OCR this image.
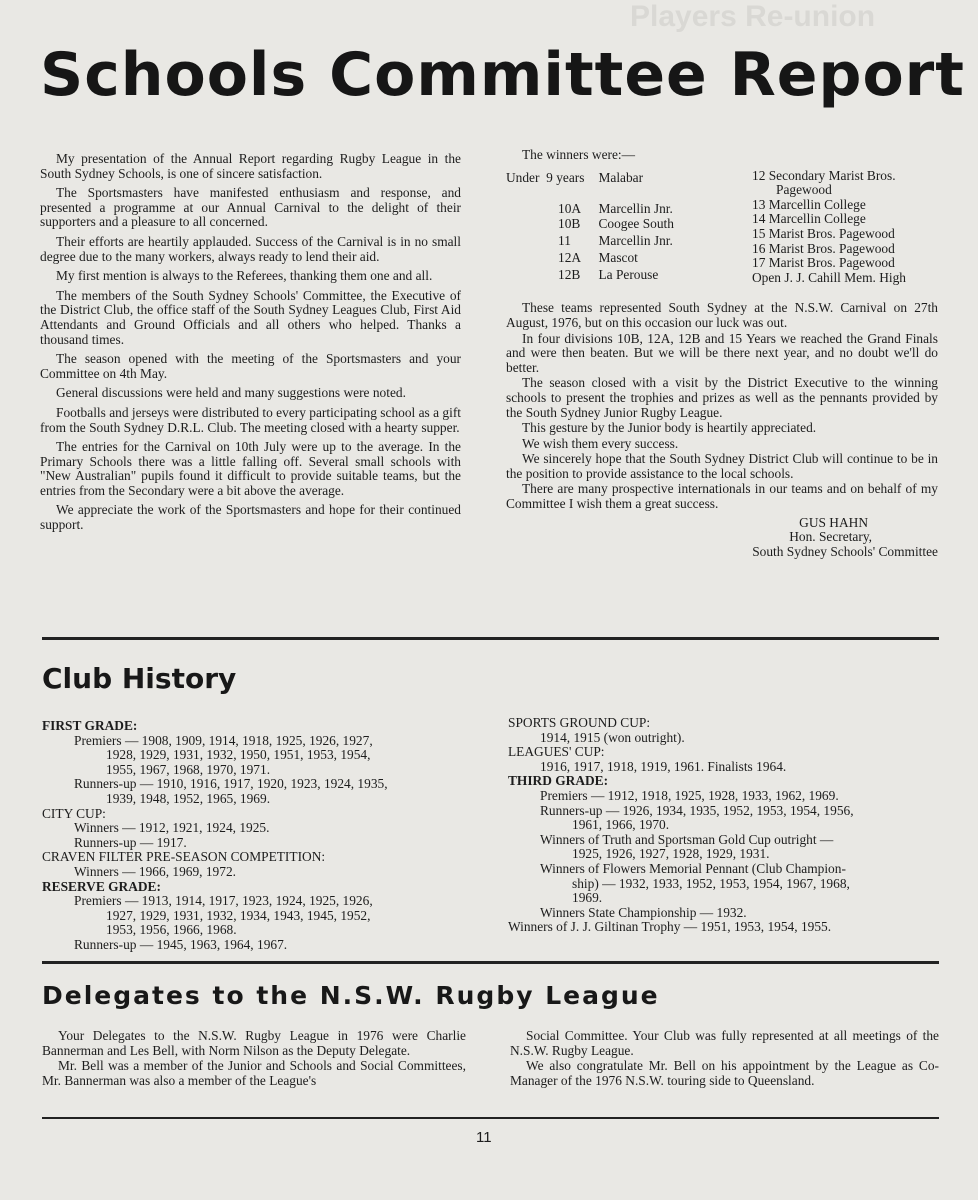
Players Re-union
Schools Committee Report

My presentation of the Annual Report regarding Rugby League in the South Sydney Schools, is one of sincere satisfaction.

The Sportsmasters have manifested enthusiasm and response, and presented a programme at our Annual Carnival to the delight of their supporters and a pleasure to all concerned.

Their efforts are heartily applauded. Success of the Carnival is in no small degree due to the many workers, always ready to lend their aid.

My first mention is always to the Referees, thanking them one and all.

The members of the South Sydney Schools' Committee, the Executive of the District Club, the office staff of the South Sydney Leagues Club, First Aid Attendants and Ground Officials and all others who helped. Thanks a thousand times.

The season opened with the meeting of the Sportsmasters and your Committee on 4th May.

General discussions were held and many suggestions were noted.

Footballs and jerseys were distributed to every participating school as a gift from the South Sydney D.R.L. Club. The meeting closed with a hearty supper.

The entries for the Carnival on 10th July were up to the average. In the Primary Schools there was a little falling off. Several small schools with "New Australian" pupils found it difficult to provide suitable teams, but the entries from the Secondary were a bit above the average.

We appreciate the work of the Sportsmasters and hope for their continued support.

The winners were:—
Under  9 years	Malabar
10A	Marcellin Jnr.
10B	Coogee South
11	Marcellin Jnr.
12A	Mascot
12B	La Perouse
12 Secondary Marist Bros. Pagewood
13 Marcellin College
14 Marcellin College
15 Marist Bros. Pagewood
16 Marist Bros. Pagewood
17 Marist Bros. Pagewood
Open J. J. Cahill Mem. High

These teams represented South Sydney at the N.S.W. Carnival on 27th August, 1976, but on this occasion our luck was out.

In four divisions 10B, 12A, 12B and 15 Years we reached the Grand Finals and were then beaten. But we will be there next year, and no doubt we'll do better.

The season closed with a visit by the District Executive to the winning schools to present the trophies and prizes as well as the pennants provided by the South Sydney Junior Rugby League.

This gesture by the Junior body is heartily appreciated.

We wish them every success.

We sincerely hope that the South Sydney District Club will continue to be in the position to provide assistance to the local schools.

There are many prospective internationals in our teams and on behalf of my Committee I wish them a great success.

GUS HAHN
Hon. Secretary,
South Sydney Schools' Committee
Club History
FIRST GRADE:
Premiers — 1908, 1909, 1914, 1918, 1925, 1926, 1927,
1928, 1929, 1931, 1932, 1950, 1951, 1953, 1954,
1955, 1967, 1968, 1970, 1971.
Runners-up — 1910, 1916, 1917, 1920, 1923, 1924, 1935,
1939, 1948, 1952, 1965, 1969.
CITY CUP:
Winners — 1912, 1921, 1924, 1925.
Runners-up — 1917.
CRAVEN FILTER PRE-SEASON COMPETITION:
Winners — 1966, 1969, 1972.
RESERVE GRADE:
Premiers — 1913, 1914, 1917, 1923, 1924, 1925, 1926,
1927, 1929, 1931, 1932, 1934, 1943, 1945, 1952,
1953, 1956, 1966, 1968.
Runners-up — 1945, 1963, 1964, 1967.
SPORTS GROUND CUP:
1914, 1915 (won outright).
LEAGUES' CUP:
1916, 1917, 1918, 1919, 1961. Finalists 1964.
THIRD GRADE:
Premiers — 1912, 1918, 1925, 1928, 1933, 1962, 1969.
Runners-up — 1926, 1934, 1935, 1952, 1953, 1954, 1956,
1961, 1966, 1970.
Winners of Truth and Sportsman Gold Cup outright —
1925, 1926, 1927, 1928, 1929, 1931.
Winners of Flowers Memorial Pennant (Club Champion-
ship) — 1932, 1933, 1952, 1953, 1954, 1967, 1968,
1969.
Winners State Championship — 1932.
Winners of J. J. Giltinan Trophy — 1951, 1953, 1954, 1955.
Delegates to the N.S.W. Rugby League

Your Delegates to the N.S.W. Rugby League in 1976 were Charlie Bannerman and Les Bell, with Norm Nilson as the Deputy Delegate.

Mr. Bell was a member of the Junior and Schools and Social Committees, Mr. Bannerman was also a member of the League's

Social Committee. Your Club was fully represented at all meetings of the N.S.W. Rugby League.

We also congratulate Mr. Bell on his appointment by the League as Co-Manager of the 1976 N.S.W. touring side to Queensland.

11
